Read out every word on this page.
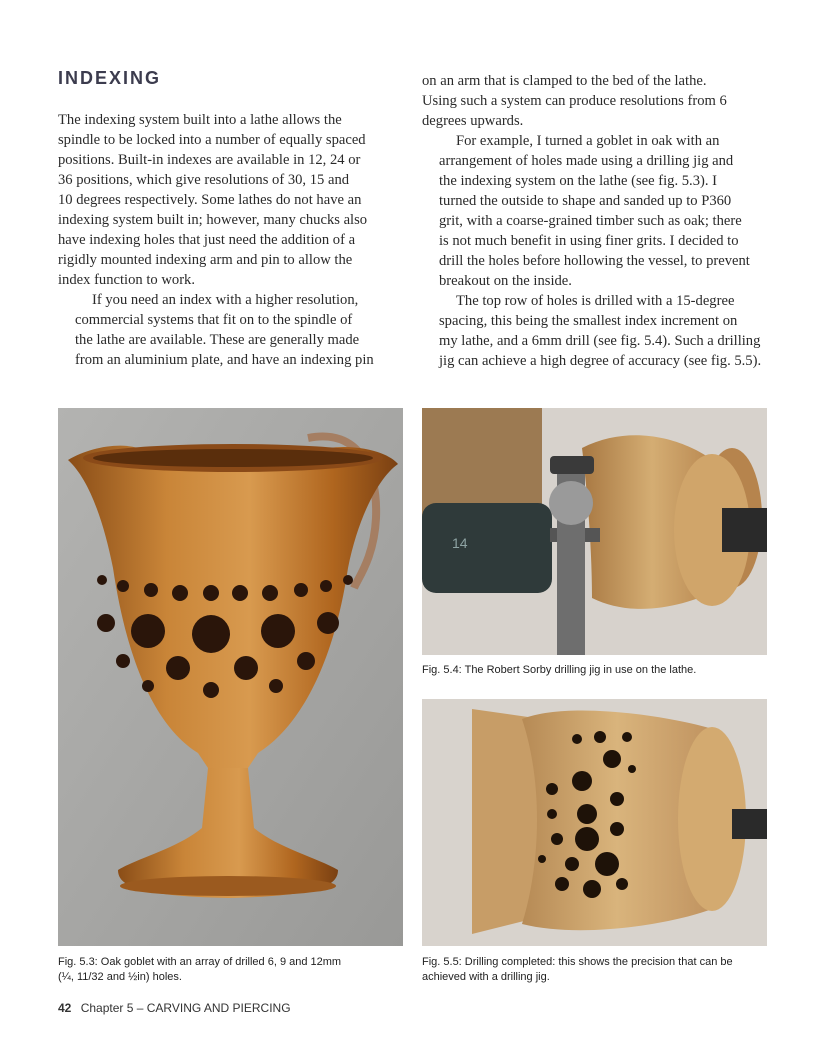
INDEXING

The indexing system built into a lathe allows the
spindle to be locked into a number of equally spaced
positions. Built-in indexes are available in 12, 24 or
36 positions, which give resolutions of 30, 15 and
10 degrees respectively. Some lathes do not have an
indexing system built in; however, many chucks also
have indexing holes that just need the addition of a
rigidly mounted indexing arm and pin to allow the
index function to work.

If you need an index with a higher resolution,
commercial systems that fit on to the spindle of
the lathe are available. These are generally made
from an aluminium plate, and have an indexing pin

on an arm that is clamped to the bed of the lathe.
Using such a system can produce resolutions from 6
degrees upwards.

For example, I turned a goblet in oak with an
arrangement of holes made using a drilling jig and
the indexing system on the lathe (see fig. 5.3). I
turned the outside to shape and sanded up to P360
grit, with a coarse-grained timber such as oak; there
is not much benefit in using finer grits. I decided to
drill the holes before hollowing the vessel, to prevent
breakout on the inside.

The top row of holes is drilled with a 15-degree
spacing, this being the smallest index increment on
my lathe, and a 6mm drill (see fig. 5.4). Such a drilling
jig can achieve a high degree of accuracy (see fig. 5.5).

Fig. 5.3: Oak goblet with an array of drilled 6, 9 and 12mm
(¼, 11/32 and ½in) holes.
14
Fig. 5.4: The Robert Sorby drilling jig in use on the lathe.
Fig. 5.5: Drilling completed: this shows the precision that can be
achieved with a drilling jig.
42 Chapter 5 – CARVING AND PIERCING
